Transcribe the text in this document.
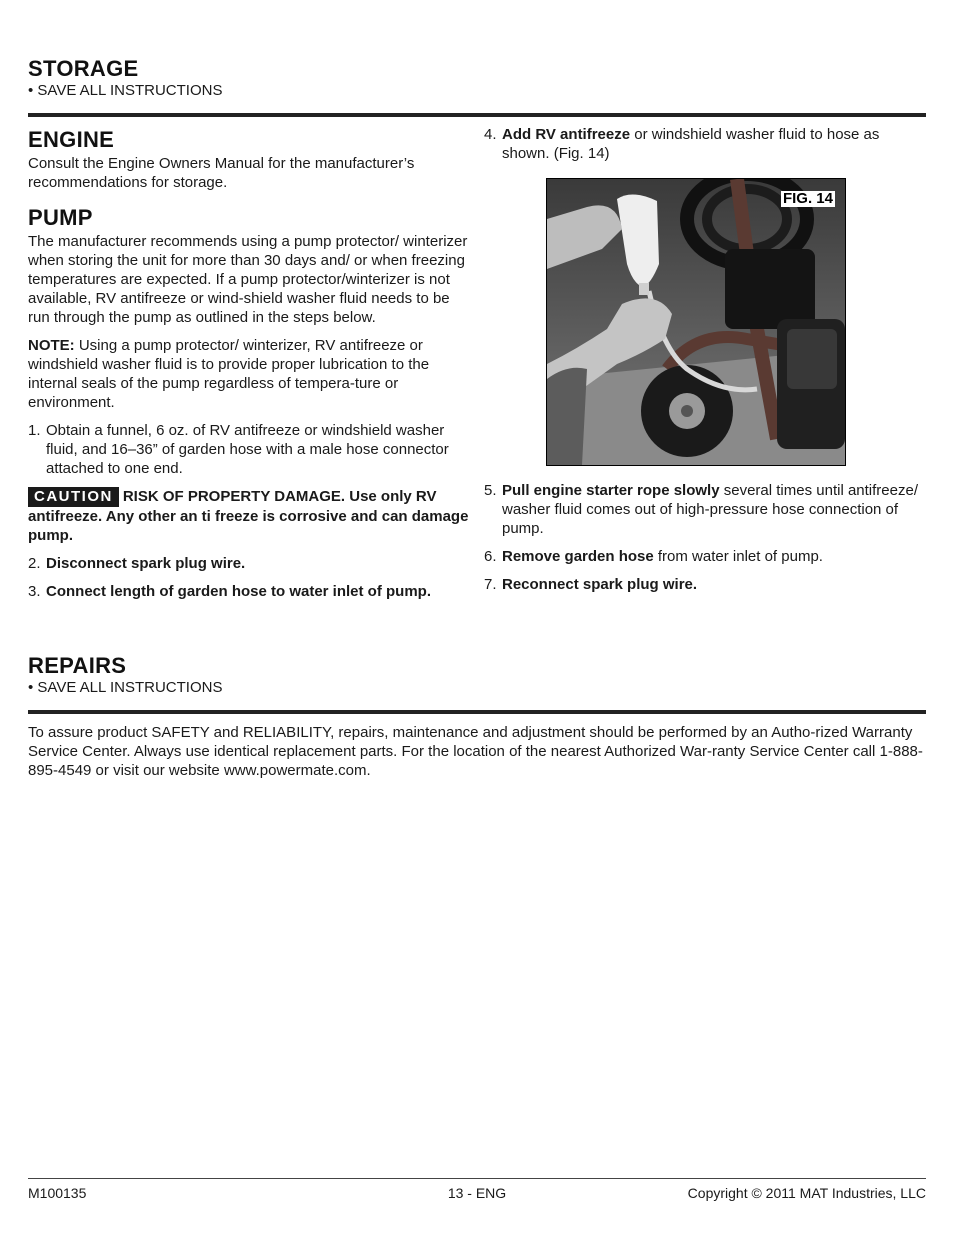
STORAGE
• SAVE ALL INSTRUCTIONS
ENGINE

Consult the Engine Owners Manual for the manufacturer’s recommendations for storage.

PUMP

The manufacturer recommends using a pump protector/ winterizer when storing the unit for more than 30 days and/ or when freezing temperatures are expected. If a pump protector/winterizer is not available, RV antifreeze or wind-shield washer fluid needs to be run through the pump as outlined in the steps below.

NOTE: Using a pump protector/ winterizer, RV antifreeze or windshield washer fluid is to provide proper lubrication to the internal seals of the pump regardless of tempera-ture or environment.

1. Obtain a funnel, 6 oz. of RV antifreeze or windshield washer fluid, and 16–36” of garden hose with a male hose connector attached to one end.

CAUTION RISK OF PROPERTY DAMAGE. Use only RV antifreeze. Any other an ti freeze is corrosive and can damage pump.

2. Disconnect spark plug wire.
3. Connect length of garden hose to water inlet of pump.
4. Add RV antifreeze or windshield washer fluid to hose as shown. (Fig. 14)
FIG. 14
5. Pull engine starter rope slowly several times until antifreeze/ washer fluid comes out of high-pressure hose connection of pump.
6. Remove garden hose from water inlet of pump.
7. Reconnect spark plug wire.
REPAIRS
• SAVE ALL INSTRUCTIONS
To assure product SAFETY and RELIABILITY, repairs, maintenance and adjustment should be performed by an Autho-rized Warranty Service Center. Always use identical replacement parts. For the location of the nearest Authorized War-ranty Service Center call 1-888-895-4549 or visit our website www.powermate.com.
M100135	13 - ENG	Copyright © 2011 MAT Industries, LLC
